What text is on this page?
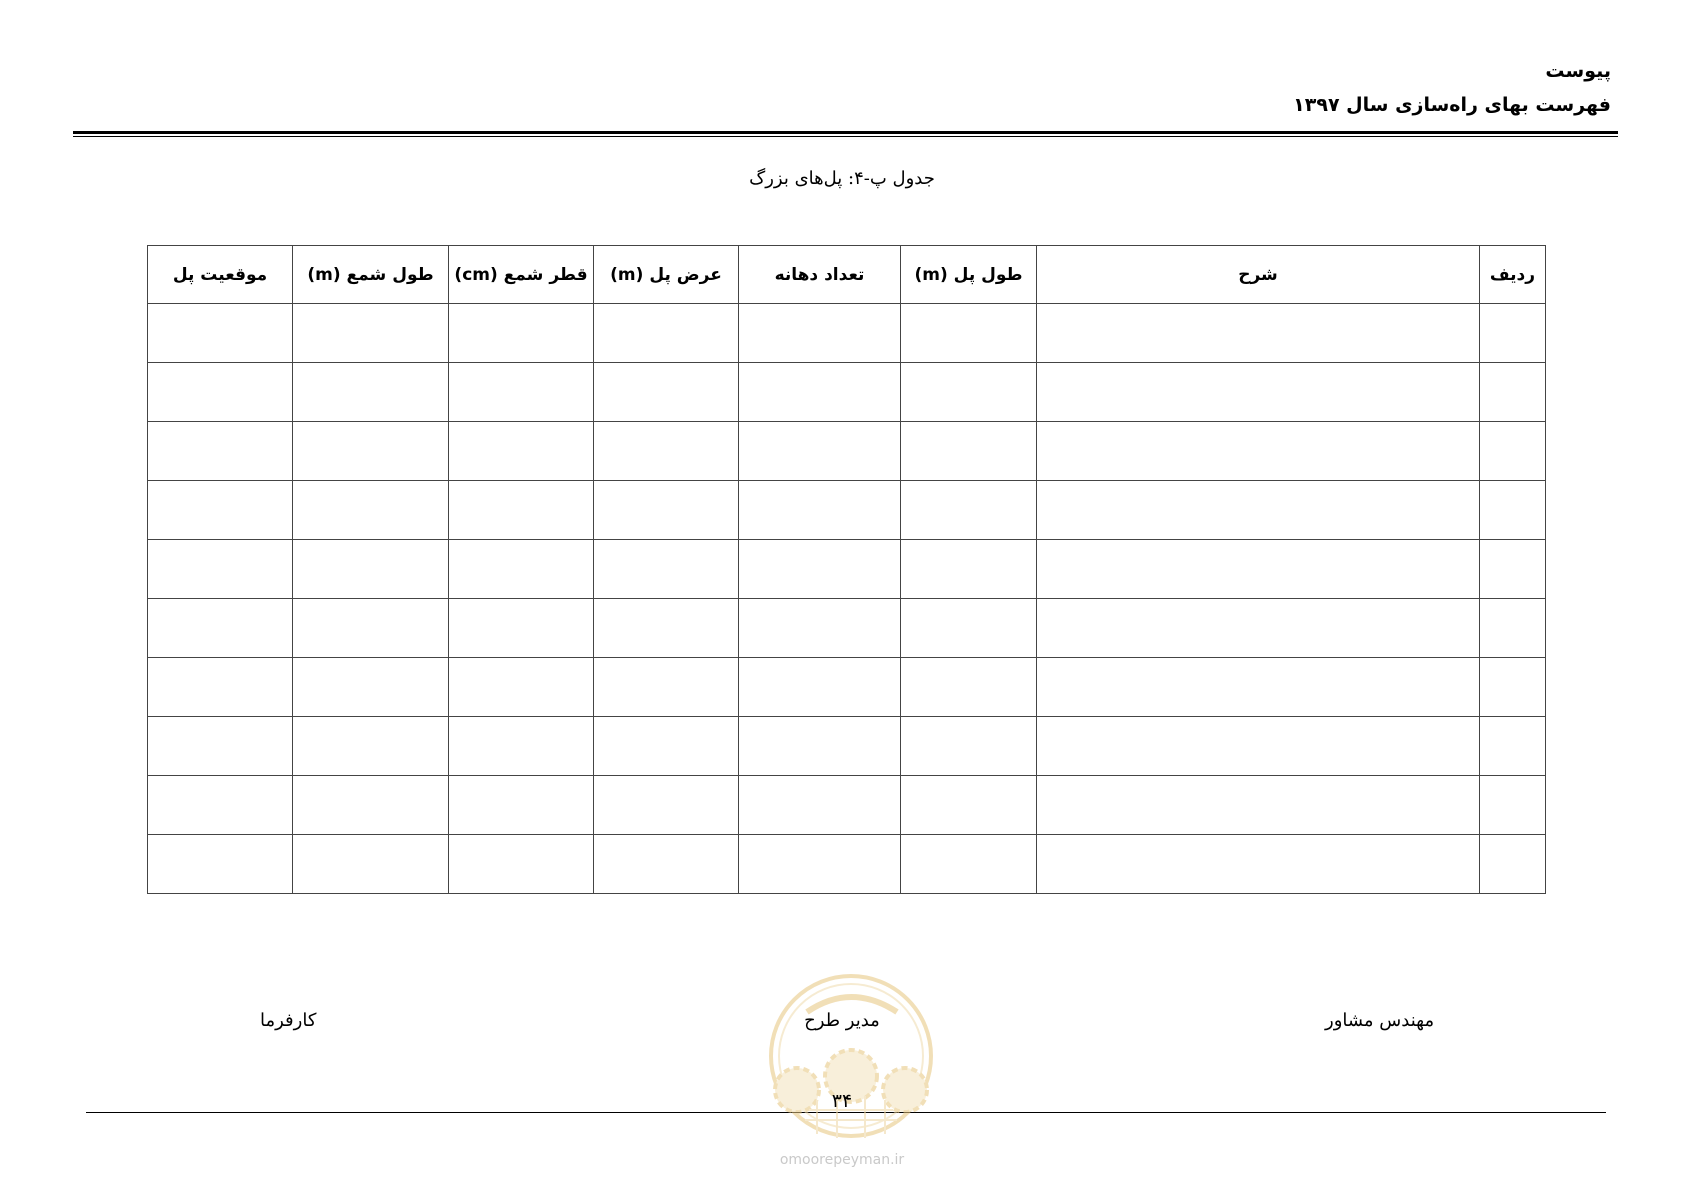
پیوست
فهرست بهای راه‌سازی سال ۱۳۹۷
جدول پ-۴: پل‌های بزرگ
ردیف	شرح	طول پل (m)	تعداد دهانه	عرض پل (m)	قطر شمع (cm)	طول شمع (m)	موقعیت پل

کارفرما	مدیر طرح	مهندس مشاور
۳۴
omoorepeyman.ir
